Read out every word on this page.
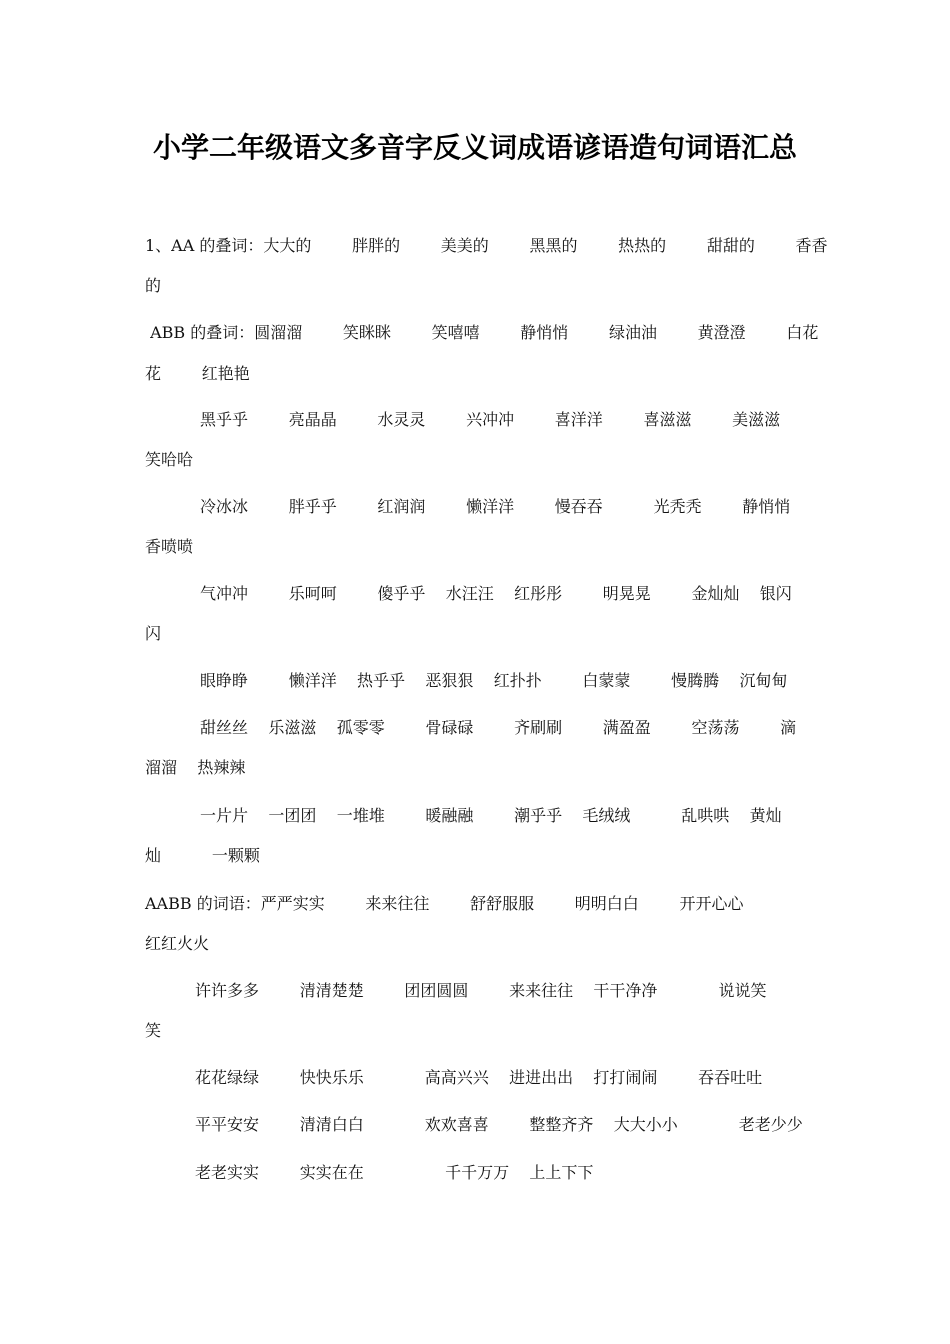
小学二年级语文多音字反义词成语谚语造句词语汇总
1、AA 的叠词：大大的        胖胖的        美美的        黑黑的        热热的        甜甜的        香香
的
ABB 的叠词：圆溜溜        笑眯眯        笑嘻嘻        静悄悄        绿油油        黄澄澄        白花
花        红艳艳
黑乎乎        亮晶晶        水灵灵        兴冲冲        喜洋洋        喜滋滋        美滋滋
笑哈哈
冷冰冰        胖乎乎        红润润        懒洋洋        慢吞吞          光秃秃        静悄悄
香喷喷
气冲冲        乐呵呵        傻乎乎    水汪汪    红彤彤        明晃晃        金灿灿    银闪
闪
眼睁睁        懒洋洋    热乎乎    恶狠狠    红扑扑        白蒙蒙        慢腾腾    沉甸甸
甜丝丝    乐滋滋    孤零零        骨碌碌        齐刷刷        满盈盈        空荡荡        滴
溜溜    热辣辣
一片片    一团团    一堆堆        暖融融        潮乎乎    毛绒绒          乱哄哄    黄灿
灿          一颗颗
AABB 的词语：严严实实        来来往往        舒舒服服        明明白白        开开心心
红红火火
许许多多        清清楚楚        团团圆圆        来来往往    干干净净            说说笑
笑
花花绿绿        快快乐乐            高高兴兴    进进出出    打打闹闹        吞吞吐吐
平平安安        清清白白            欢欢喜喜        整整齐齐    大大小小            老老少少
老老实实        实实在在                千千万万    上上下下
